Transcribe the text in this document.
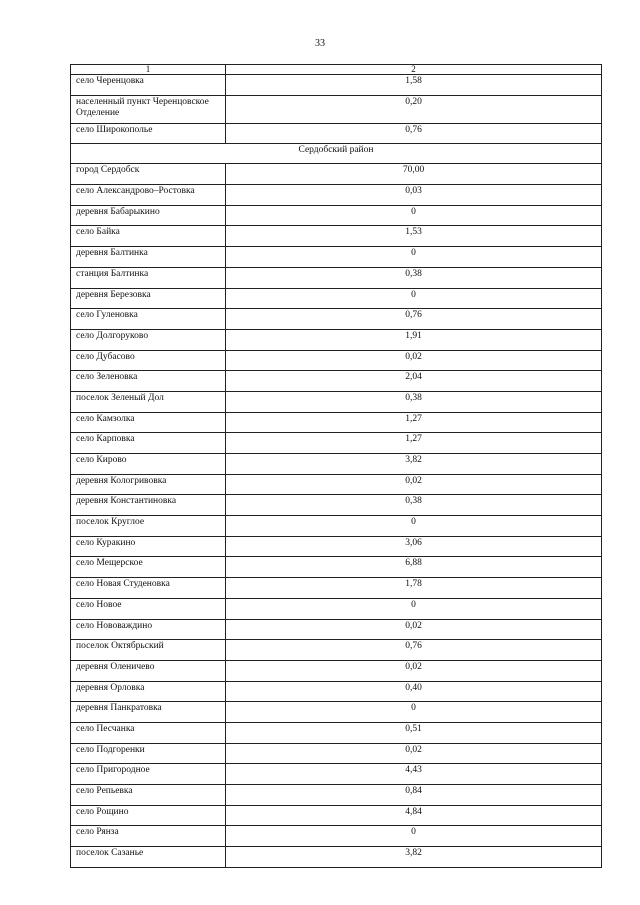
33
1	2
село Черенцовка	1,58
населенный пункт Черенцовское Отделение	0,20
село Широкополье	0,76
Сердобский район	
город Сердобск	70,00
село Александрово–Ростовка	0,03
деревня Бабарыкино	0
село Байка	1,53
деревня Балтинка	0
станция Балтинка	0,38
деревня Березовка	0
село Гуленовка	0,76
село Долгоруково	1,91
село Дубасово	0,02
село Зеленовка	2,04
поселок Зеленый Дол	0,38
село Камзолка	1,27
село Карповка	1,27
село Кирово	3,82
деревня Кологривовка	0,02
деревня Константиновка	0,38
поселок Круглое	0
село Куракино	3,06
село Мещерское	6,88
село Новая Студеновка	1,78
село Новое	0
село Нововаждино	0,02
поселок Октябрьский	0,76
деревня Оленичево	0,02
деревня Орловка	0,40
деревня Панкратовка	0
село Песчанка	0,51
село Подгоренки	0,02
село Пригородное	4,43
село Репьевка	0,84
село Рощино	4,84
село Рянза	0
поселок Сазанье	3,82
